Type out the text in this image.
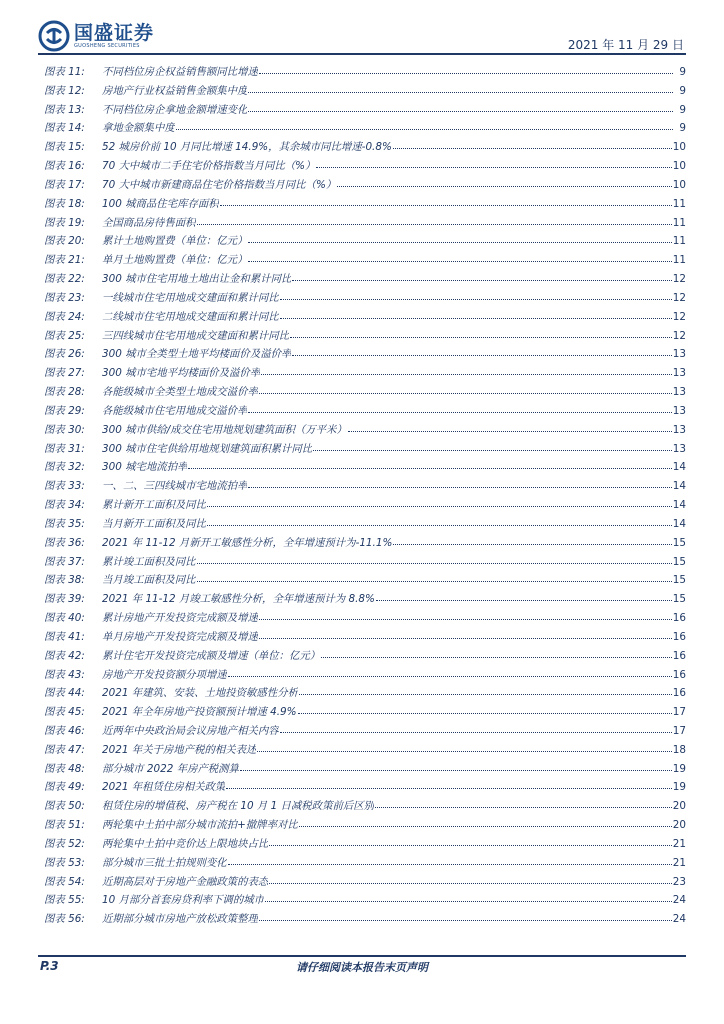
国盛证券
GUOSHENG SECURITIES	2021 年 11 月 29 日
图表 11:	不同档位房企权益销售额同比增速	9
图表 12:	房地产行业权益销售金额集中度	9
图表 13:	不同档位房企拿地金额增速变化	9
图表 14:	拿地金额集中度	9
图表 15:	52 城房价前 10 月同比增速 14.9%，其余城市同比增速-0.8%	10
图表 16:	70 大中城市二手住宅价格指数当月同比（%）	10
图表 17:	70 大中城市新建商品住宅价格指数当月同比（%）	10
图表 18:	100 城商品住宅库存面积	11
图表 19:	全国商品房待售面积	11
图表 20:	累计土地购置费（单位：亿元）	11
图表 21:	单月土地购置费（单位：亿元）	11
图表 22:	300 城市住宅用地土地出让金和累计同比	12
图表 23:	一线城市住宅用地成交建面和累计同比	12
图表 24:	二线城市住宅用地成交建面和累计同比	12
图表 25:	三四线城市住宅用地成交建面和累计同比	12
图表 26:	300 城市全类型土地平均楼面价及溢价率	13
图表 27:	300 城市宅地平均楼面价及溢价率	13
图表 28:	各能级城市全类型土地成交溢价率	13
图表 29:	各能级城市住宅用地成交溢价率	13
图表 30:	300 城市供给/成交住宅用地规划建筑面积（万平米）	13
图表 31:	300 城市住宅供给用地规划建筑面积累计同比	13
图表 32:	300 城宅地流拍率	14
图表 33:	一、二、三四线城市宅地流拍率	14
图表 34:	累计新开工面积及同比	14
图表 35:	当月新开工面积及同比	14
图表 36:	2021 年 11-12 月新开工敏感性分析，全年增速预计为-11.1%	15
图表 37:	累计竣工面积及同比	15
图表 38:	当月竣工面积及同比	15
图表 39:	2021 年 11-12 月竣工敏感性分析，全年增速预计为 8.8%	15
图表 40:	累计房地产开发投资完成额及增速	16
图表 41:	单月房地产开发投资完成额及增速	16
图表 42:	累计住宅开发投资完成额及增速（单位：亿元）	16
图表 43:	房地产开发投资额分项增速	16
图表 44:	2021 年建筑、安装、土地投资敏感性分析	16
图表 45:	2021 年全年房地产投资额预计增速 4.9%	17
图表 46:	近两年中央政治局会议房地产相关内容	17
图表 47:	2021 年关于房地产税的相关表述	18
图表 48:	部分城市 2022 年房产税测算	19
图表 49:	2021 年租赁住房相关政策	19
图表 50:	租赁住房的增值税、房产税在 10 月 1 日减税政策前后区别	20
图表 51:	两轮集中土拍中部分城市流拍+撤牌率对比	20
图表 52:	两轮集中土拍中竞价达上限地块占比	21
图表 53:	部分城市三批土拍规则变化	21
图表 54:	近期高层对于房地产金融政策的表态	23
图表 55:	10 月部分首套房贷利率下调的城市	24
图表 56:	近期部分城市房地产放松政策整理	24
P.3	请仔细阅读本报告末页声明
